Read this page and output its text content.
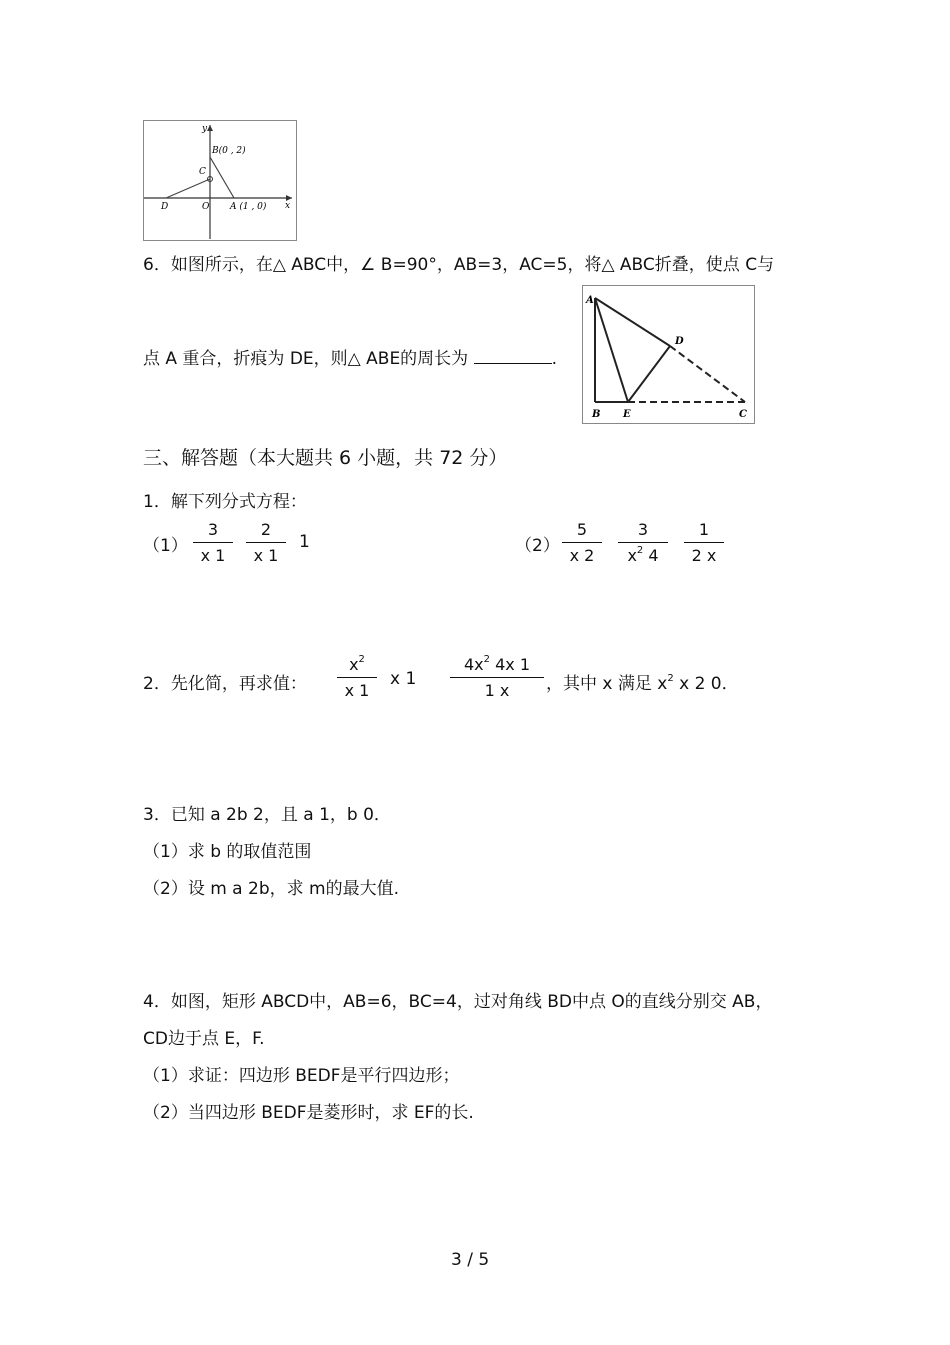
y
x
O
B(0 , 2)
C
D	A (1 , 0)
6．如图所示，在△ ABC中，∠ B=90°，AB=3，AC=5，将△ ABC折叠，使点 C与
点 A 重合，折痕为 DE，则△ ABE的周长为	.
A
B	C
D
E
三、解答题（本大题共 6 小题，共 72 分）
1．解下列分式方程：
（1）
3
x 1
2
x 1
1	（2）
5
x 2
3
$x^2$ 4
1
2 x
2．先化简，再求值：
$x^2$
x 1
x 1
$4x^2$ 4x 1
1 x	，其中 x 满足 $x^2$ x 2 0．
3．已知 a 2b 2，且 a 1，b 0．
（1）求 b 的取值范围
（2）设 m a 2b，求 m的最大值.
4．如图，矩形 ABCD中，AB=6，BC=4，过对角线 BD中点 O的直线分别交 AB，
CD边于点 E，F.
（1）求证：四边形 BEDF是平行四边形；
（2）当四边形 BEDF是菱形时，求 EF的长.
3 / 5
